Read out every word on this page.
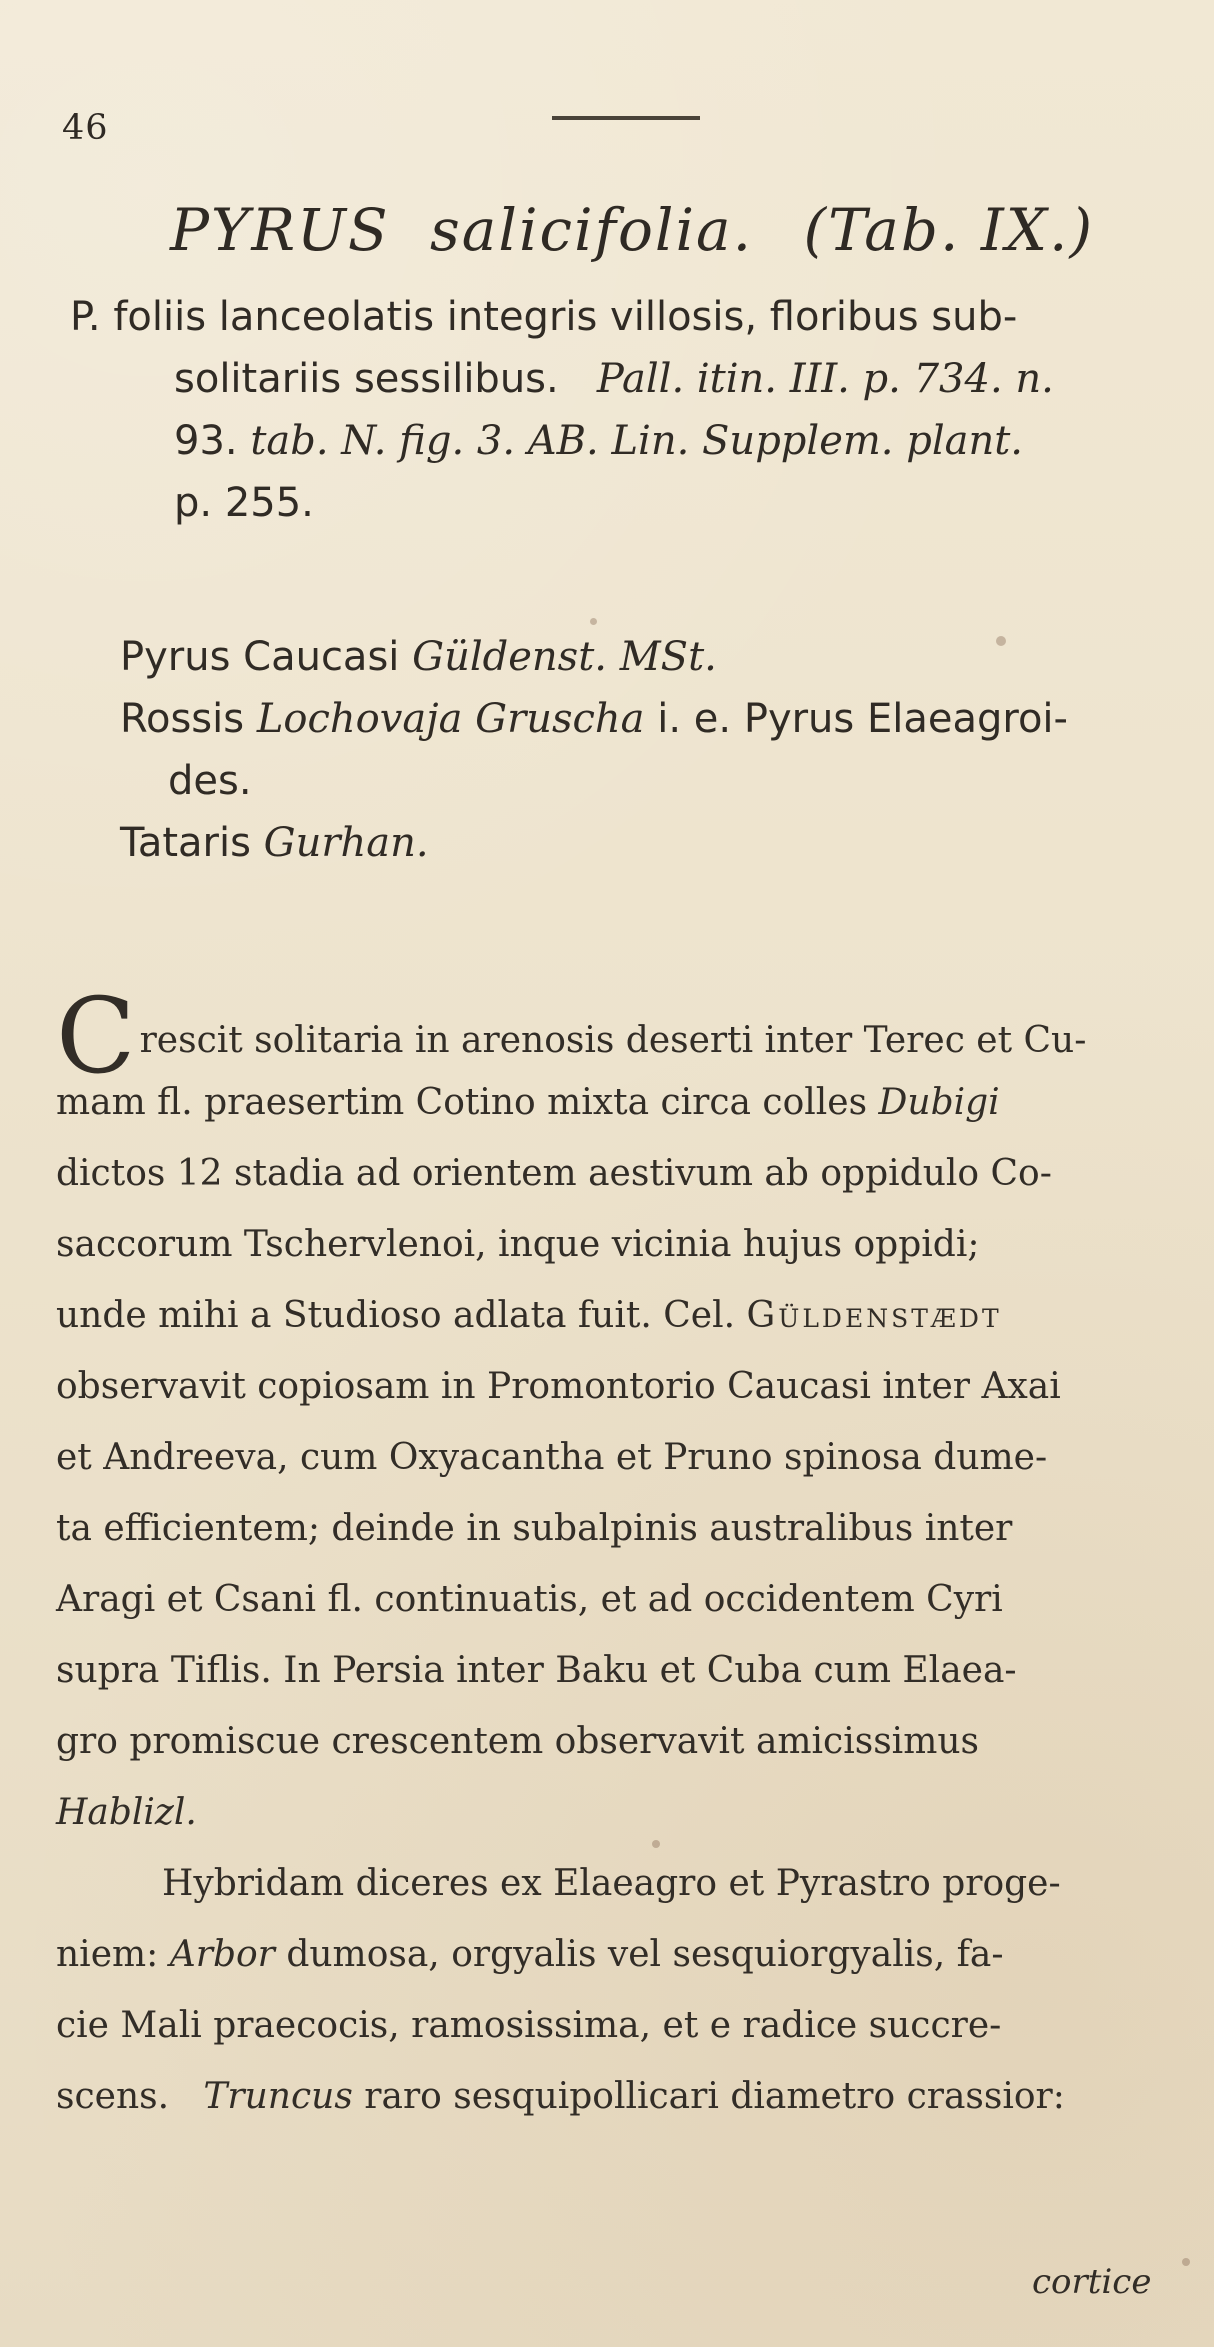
46
PYRUS salicifolia. (Tab. IX.)
P. foliis lanceolatis integris villosis, floribus sub-
solitariis sessilibus. Pall. itin. III. p. 734. n.
93. tab. N. fig. 3. AB. Lin. Supplem. plant.
p. 255.
Pyrus Caucasi Güldenst. MSt.
Rossis Lochovaja Gruscha i. e. Pyrus Elaeagroi-
des.
Tataris Gurhan.
Crescit solitaria in arenosis deserti inter Terec et Cu-
mam fl. praesertim Cotino mixta circa colles Dubigi
dictos 12 stadia ad orientem aestivum ab oppidulo Co-
saccorum Tschervlenoi, inque vicinia hujus oppidi;
unde mihi a Studioso adlata fuit. Cel. Güldenstædt
observavit copiosam in Promontorio Caucasi inter Axai
et Andreeva, cum Oxyacantha et Pruno spinosa dume-
ta efficientem; deinde in subalpinis australibus inter
Aragi et Csani fl. continuatis, et ad occidentem Cyri
supra Tiflis. In Persia inter Baku et Cuba cum Elaea-
gro promiscue crescentem observavit amicissimus
Hablizl.
Hybridam diceres ex Elaeagro et Pyrastro proge-
niem: Arbor dumosa, orgyalis vel sesquiorgyalis, fa-
cie Mali praecocis, ramosissima, et e radice succre-
scens. Truncus raro sesquipollicari diametro crassior:
cortice
